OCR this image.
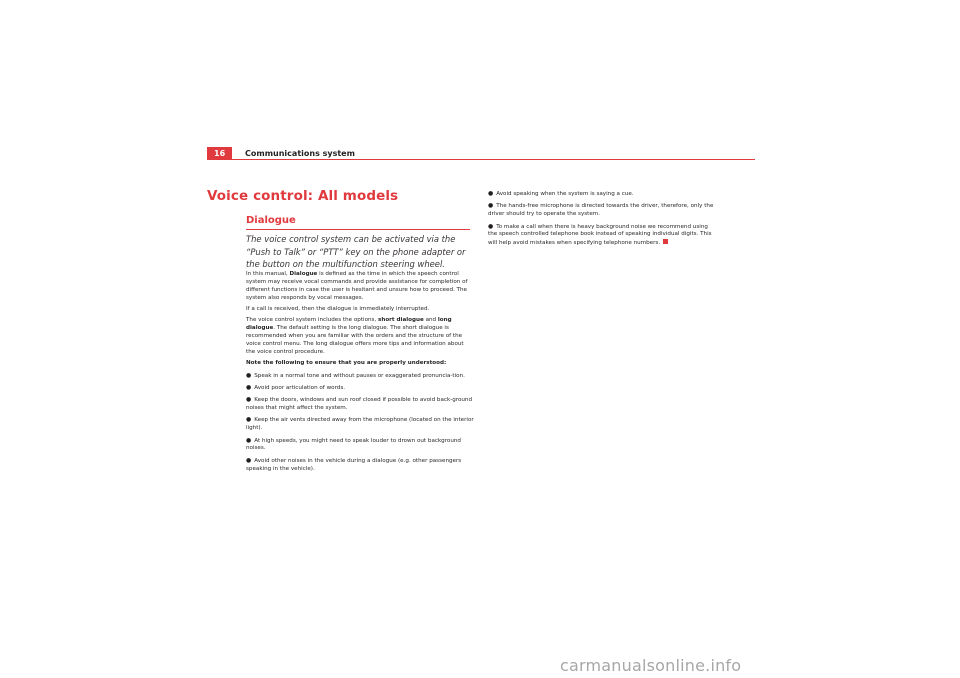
16	Communications system
Voice control: All models
Dialogue

The voice control system can be activated via the “Push to Talk” or “PTT” key on the phone adapter or the button on the multifunction steering wheel.

In this manual, Dialogue is defined as the time in which the speech control system may receive vocal commands and provide assistance for completion of different functions in case the user is hesitant and unsure how to proceed. The system also responds by vocal messages.

If a call is received, then the dialogue is immediately interrupted.

The voice control system includes the options, short dialogue and long dialogue. The default setting is the long dialogue. The short dialogue is recommended when you are familiar with the orders and the structure of the voice control menu. The long dialogue offers more tips and information about the voice control procedure.

Note the following to ensure that you are properly understood:

● Speak in a normal tone and without pauses or exaggerated pronuncia-tion.

● Avoid poor articulation of words.

● Keep the doors, windows and sun roof closed if possible to avoid back-ground noises that might affect the system.

● Keep the air vents directed away from the microphone (located on the interior light).

● At high speeds, you might need to speak louder to drown out background noises.

● Avoid other noises in the vehicle during a dialogue (e.g. other passengers speaking in the vehicle).

● Avoid speaking when the system is saying a cue.

● The hands-free microphone is directed towards the driver, therefore, only the driver should try to operate the system.

● To make a call when there is heavy background noise we recommend using the speech controlled telephone book instead of speaking individual digits. This will help avoid mistakes when specifying telephone numbers.

carmanualsonline.info
